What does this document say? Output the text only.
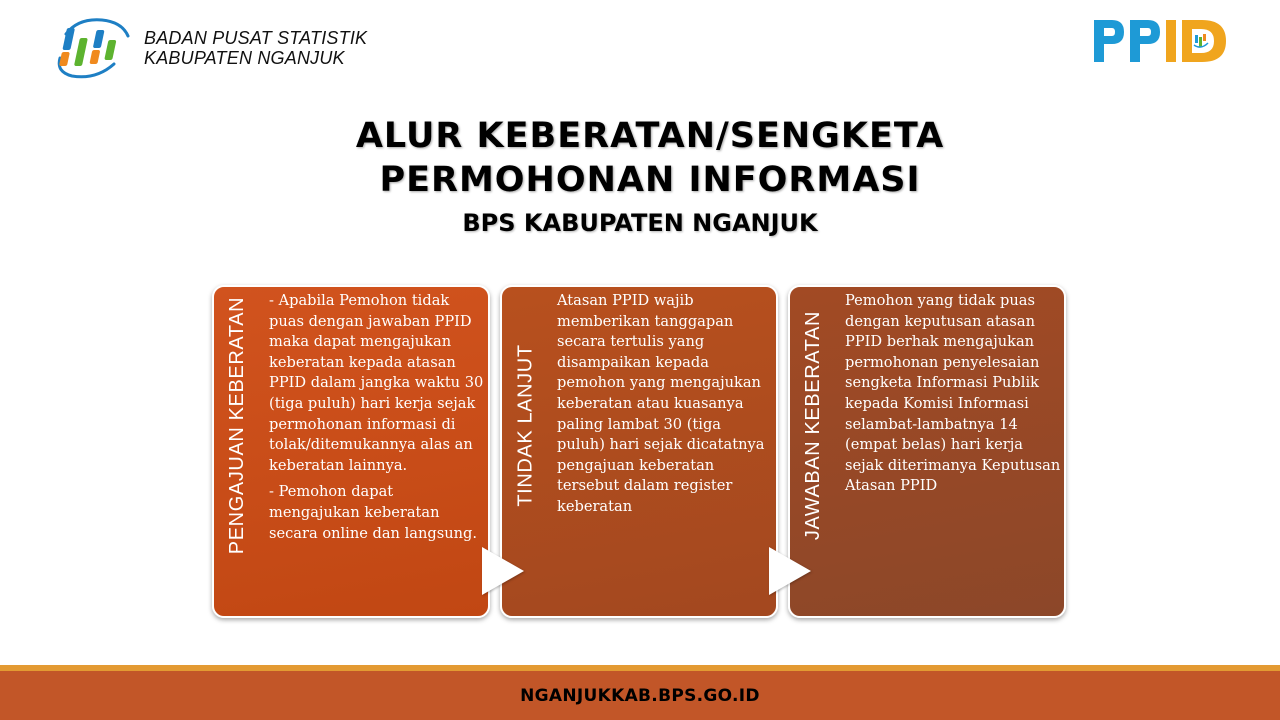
BADAN PUSAT STATISTIK
KABUPATEN NGANJUK
ALUR KEBERATAN/SENGKETA
PERMOHONAN INFORMASI
BPS KABUPATEN NGANJUK
PENGAJUAN KEBERATAN - Apabila Pemohon tidak puas dengan jawaban PPID maka dapat mengajukan keberatan kepada atasan PPID dalam jangka waktu 30 (tiga puluh) hari kerja sejak permohonan informasi di tolak/ditemukannya alas an keberatan lainnya.

- Pemohon dapat mengajukan keberatan secara online dan langsung.

TINDAK LANJUT

Atasan PPID wajib memberikan tanggapan secara tertulis yang disampaikan kepada pemohon yang mengajukan keberatan atau kuasanya paling lambat 30 (tiga puluh) hari sejak dicatatnya pengajuan keberatan tersebut dalam register keberatan	JAWABAN KEBERATAN

Pemohon yang tidak puas dengan keputusan atasan PPID berhak mengajukan permohonan penyelesaian sengketa Informasi Publik kepada Komisi Informasi selambat-lambatnya 14 (empat belas) hari kerja sejak diterimanya Keputusan Atasan PPID

NGANJUKKAB.BPS.GO.ID
